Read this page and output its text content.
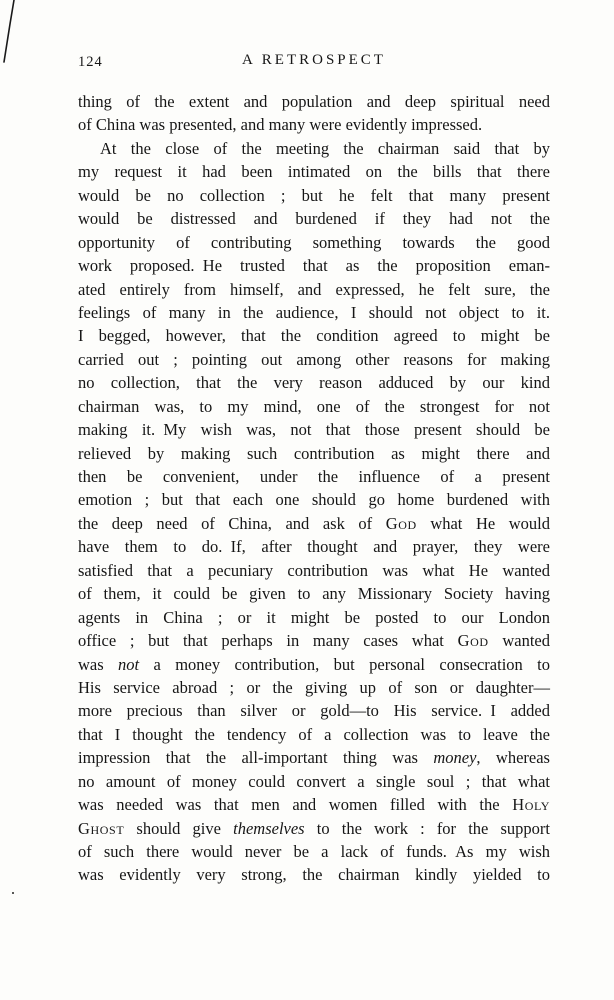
124	A RETROSPECT
thing of the extent and population and deep spiritual need
of China was presented, and many were evidently impressed.
At the close of the meeting the chairman said that by
my request it had been intimated on the bills that there
would be no collection ; but he felt that many present
would be distressed and burdened if they had not the
opportunity of contributing something towards the good
work proposed. He trusted that as the proposition eman-
ated entirely from himself, and expressed, he felt sure, the
feelings of many in the audience, I should not object to it.
I begged, however, that the condition agreed to might be
carried out ; pointing out among other reasons for making
no collection, that the very reason adduced by our kind
chairman was, to my mind, one of the strongest for not
making it. My wish was, not that those present should be
relieved by making such contribution as might there and
then be convenient, under the influence of a present
emotion ; but that each one should go home burdened with
the deep need of China, and ask of God what He would
have them to do. If, after thought and prayer, they were
satisfied that a pecuniary contribution was what He wanted
of them, it could be given to any Missionary Society having
agents in China ; or it might be posted to our London
office ; but that perhaps in many cases what God wanted
was not a money contribution, but personal consecration to
His service abroad ; or the giving up of son or daughter—
more precious than silver or gold—to His service. I added
that I thought the tendency of a collection was to leave the
impression that the all-important thing was money, whereas
no amount of money could convert a single soul ; that what
was needed was that men and women filled with the Holy
Ghost should give themselves to the work : for the support
of such there would never be a lack of funds. As my wish
was evidently very strong, the chairman kindly yielded to
